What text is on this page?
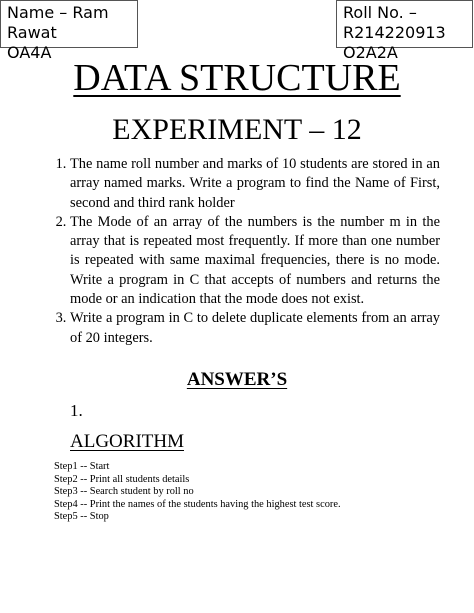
Name – Ram
Rawat
OA4A
Roll No. –
R214220913
O2A2A
DATA STRUCTURE
EXPERIMENT – 12
1. The name roll number and marks of 10 students are stored in an array named marks. Write a program to find the Name of First, second and third rank holder
2. The Mode of an array of the numbers is the number m in the array that is repeated most frequently. If more than one number is repeated with same maximal frequencies, there is no mode. Write a program in C that accepts of numbers and returns the mode or an indication that the mode does not exist.
3. Write a program in C to delete duplicate elements from an array of 20 integers.
ANSWER’S
1.
ALGORITHM
Step1 -- Start
Step2 -- Print all students details
Step3 -- Search student by roll no
Step4 -- Print the names of the students having the highest test score.
Step5 -- Stop
